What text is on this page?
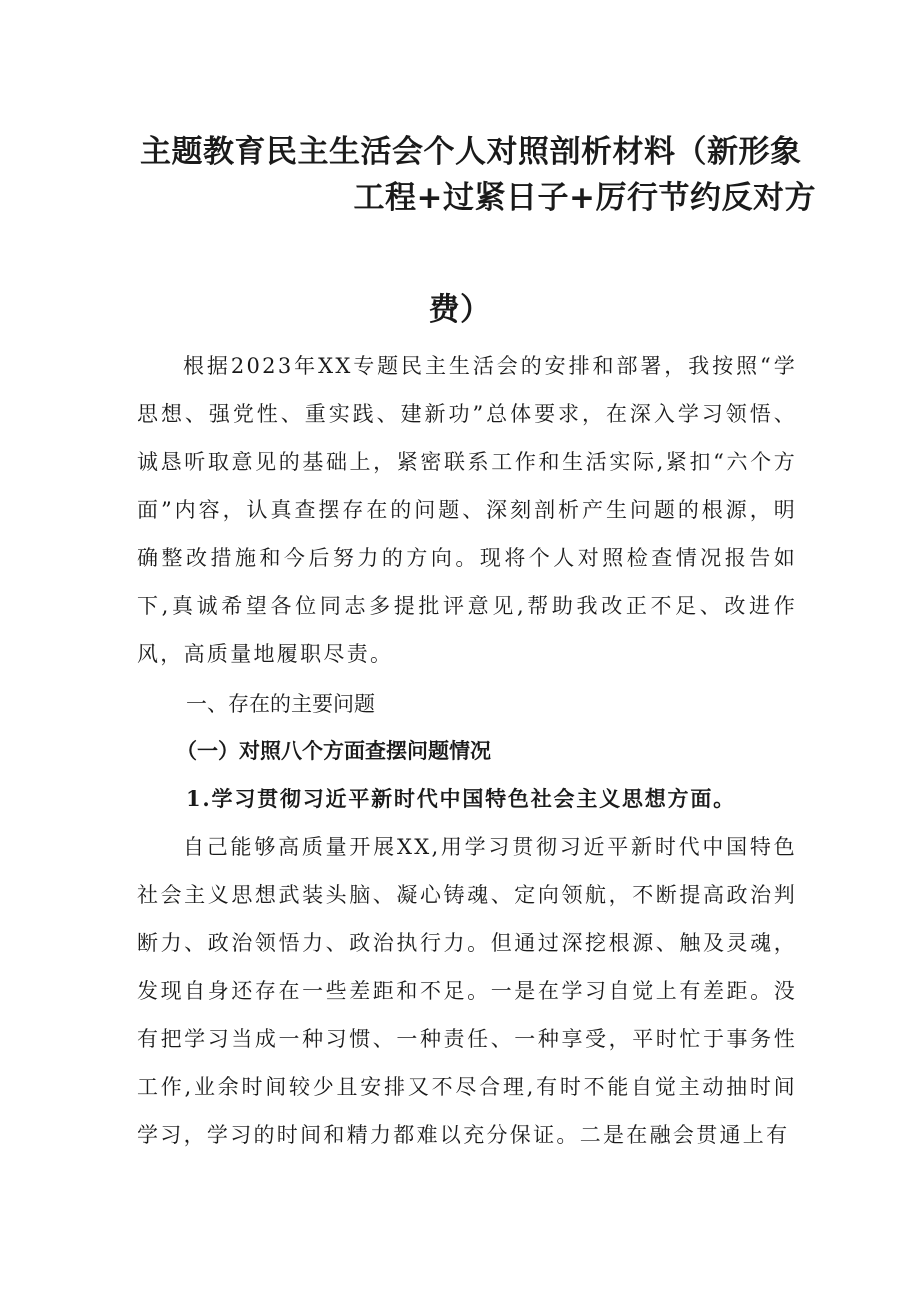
主题教育民主生活会个人对照剖析材料（新形象
工程+过紧日子+厉行节约反对方
费）
根据2023年XX专题民主生活会的安排和部署，我按照“学思想、强党性、重实践、建新功”总体要求，在深入学习领悟、诚恳听取意见的基础上，紧密联系工作和生活实际,紧扣“六个方面”内容，认真查摆存在的问题、深刻剖析产生问题的根源，明确整改措施和今后努力的方向。现将个人对照检查情况报告如下,真诚希望各位同志多提批评意见,帮助我改正不足、改进作风，高质量地履职尽责。
一、存在的主要问题
（一）对照八个方面查摆问题情况
1.学习贯彻习近平新时代中国特色社会主义思想方面。
自己能够高质量开展XX,用学习贯彻习近平新时代中国特色社会主义思想武装头脑、凝心铸魂、定向领航，不断提高政治判断力、政治领悟力、政治执行力。但通过深挖根源、触及灵魂，发现自身还存在一些差距和不足。一是在学习自觉上有差距。没有把学习当成一种习惯、一种责任、一种享受，平时忙于事务性工作,业余时间较少且安排又不尽合理,有时不能自觉主动抽时间学习，学习的时间和精力都难以充分保证。二是在融会贯通上有
